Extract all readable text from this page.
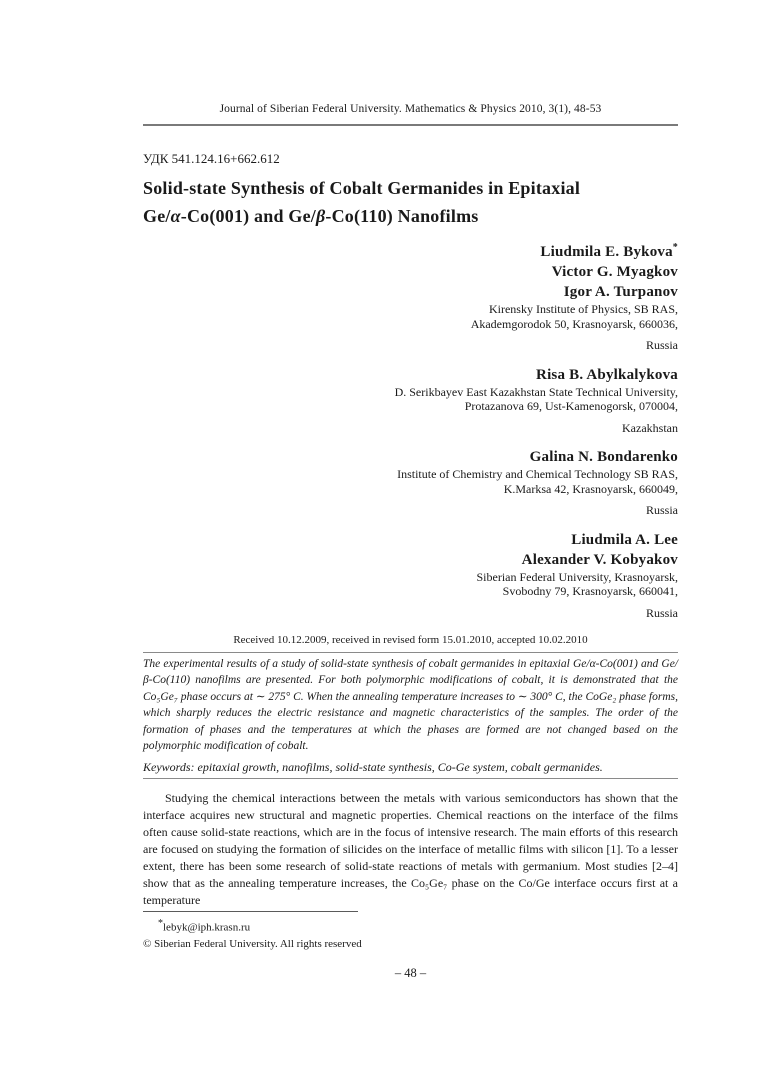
Journal of Siberian Federal University. Mathematics & Physics 2010, 3(1), 48-53
УДК 541.124.16+662.612
Solid-state Synthesis of Cobalt Germanides in Epitaxial
Ge/α-Co(001) and Ge/β-Co(110) Nanofilms
Liudmila E. Bykova*
Victor G. Myagkov
Igor A. Turpanov
Kirensky Institute of Physics, SB RAS,
Akademgorodok 50, Krasnoyarsk, 660036,
Russia
Risa B. Abylkalykova
D. Serikbayev East Kazakhstan State Technical University,
Protazanova 69, Ust-Kamenogorsk, 070004,
Kazakhstan
Galina N. Bondarenko
Institute of Chemistry and Chemical Technology SB RAS,
K.Marksa 42, Krasnoyarsk, 660049,
Russia
Liudmila A. Lee
Alexander V. Kobyakov
Siberian Federal University, Krasnoyarsk,
Svobodny 79, Krasnoyarsk, 660041,
Russia
Received 10.12.2009, received in revised form 15.01.2010, accepted 10.02.2010
The experimental results of a study of solid-state synthesis of cobalt germanides in epitaxial Ge/α-Co(001) and Ge/β-Co(110) nanofilms are presented. For both polymorphic modifications of cobalt, it is demonstrated that the Co₅Ge₇ phase occurs at ∼ 275° C. When the annealing temperature increases to ∼ 300° C, the CoGe₂ phase forms, which sharply reduces the electric resistance and magnetic characteristics of the samples. The order of the formation of phases and the temperatures at which the phases are formed are not changed based on the polymorphic modification of cobalt.
Keywords: epitaxial growth, nanofilms, solid-state synthesis, Co-Ge system, cobalt germanides.
Studying the chemical interactions between the metals with various semiconductors has shown that the interface acquires new structural and magnetic properties. Chemical reactions on the interface of the films often cause solid-state reactions, which are in the focus of intensive research. The main efforts of this research are focused on studying the formation of silicides on the interface of metallic films with silicon [1]. To a lesser extent, there has been some research of solid-state reactions of metals with germanium. Most studies [2–4] show that as the annealing temperature increases, the Co₅Ge₇ phase on the Co/Ge interface occurs first at a temperature
*lebyk@iph.krasn.ru
© Siberian Federal University. All rights reserved
– 48 –
